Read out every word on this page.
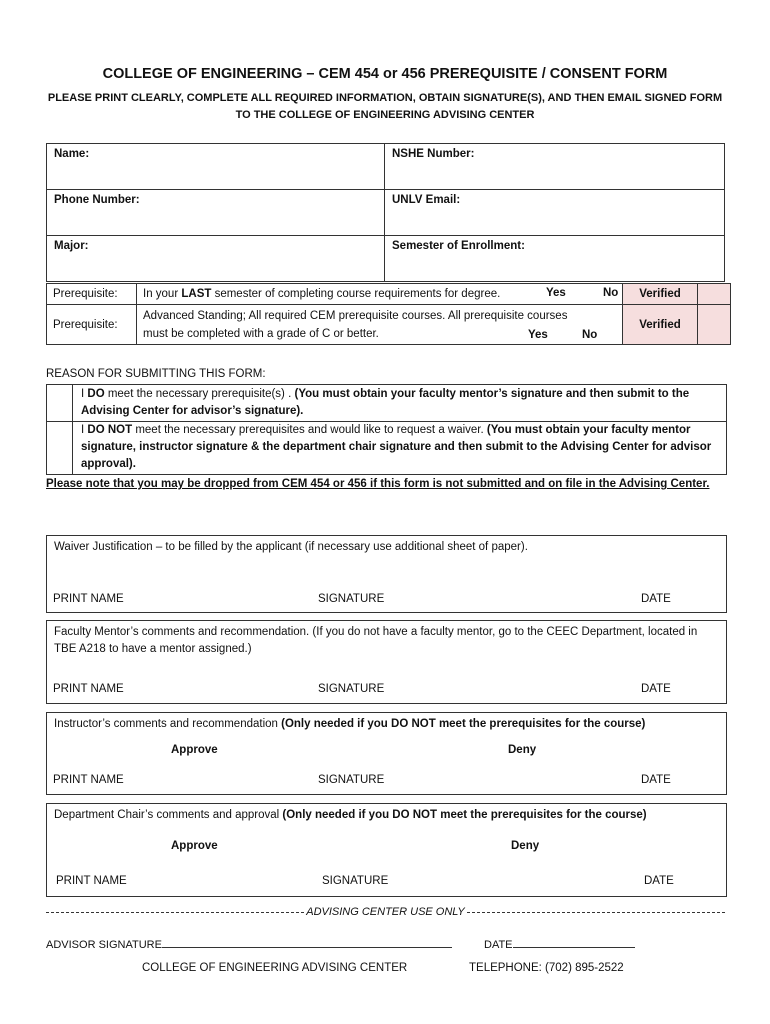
COLLEGE OF ENGINEERING – CEM 454 or 456 PREREQUISITE / CONSENT FORM
PLEASE PRINT CLEARLY, COMPLETE ALL REQUIRED INFORMATION, OBTAIN SIGNATURE(S), AND THEN EMAIL SIGNED FORM TO THE COLLEGE OF ENGINEERING ADVISING CENTER
Name:	NSHE Number:
Phone Number:	UNLV Email:
Major:	Semester of Enrollment:
Prerequisite:	In your LAST semester of completing course requirements for degree. Yes No	Verified	
Prerequisite:	Advanced Standing; All required CEM prerequisite courses. All prerequisite courses
must be completed with a grade of C or better. Yes No	Verified	
REASON FOR SUBMITTING THIS FORM:
I DO meet the necessary prerequisite(s) . (You must obtain your faculty mentor’s signature and then submit to the Advising Center for advisor’s signature).
I DO NOT meet the necessary prerequisites and would like to request a waiver. (You must obtain your faculty mentor signature, instructor signature & the department chair signature and then submit to the Advising Center for advisor approval).
Please note that you may be dropped from CEM 454 or 456 if this form is not submitted and on file in the Advising Center.
Waiver Justification – to be filled by the applicant (if necessary use additional sheet of paper).
PRINT NAME	SIGNATURE	DATE
Faculty Mentor’s comments and recommendation. (If you do not have a faculty mentor, go to the CEEC Department, located in TBE A218 to have a mentor assigned.)
PRINT NAME	SIGNATURE	DATE
Instructor’s comments and recommendation (Only needed if you DO NOT meet the prerequisites for the course)
Approve	Deny
PRINT NAME	SIGNATURE	DATE
Department Chair’s comments and approval (Only needed if you DO NOT meet the prerequisites for the course)
Approve	Deny
PRINT NAME	SIGNATURE	DATE
ADVISING CENTER USE ONLY
ADVISOR SIGNATURE	DATE
COLLEGE OF ENGINEERING ADVISING CENTER	TELEPHONE: (702) 895-2522
